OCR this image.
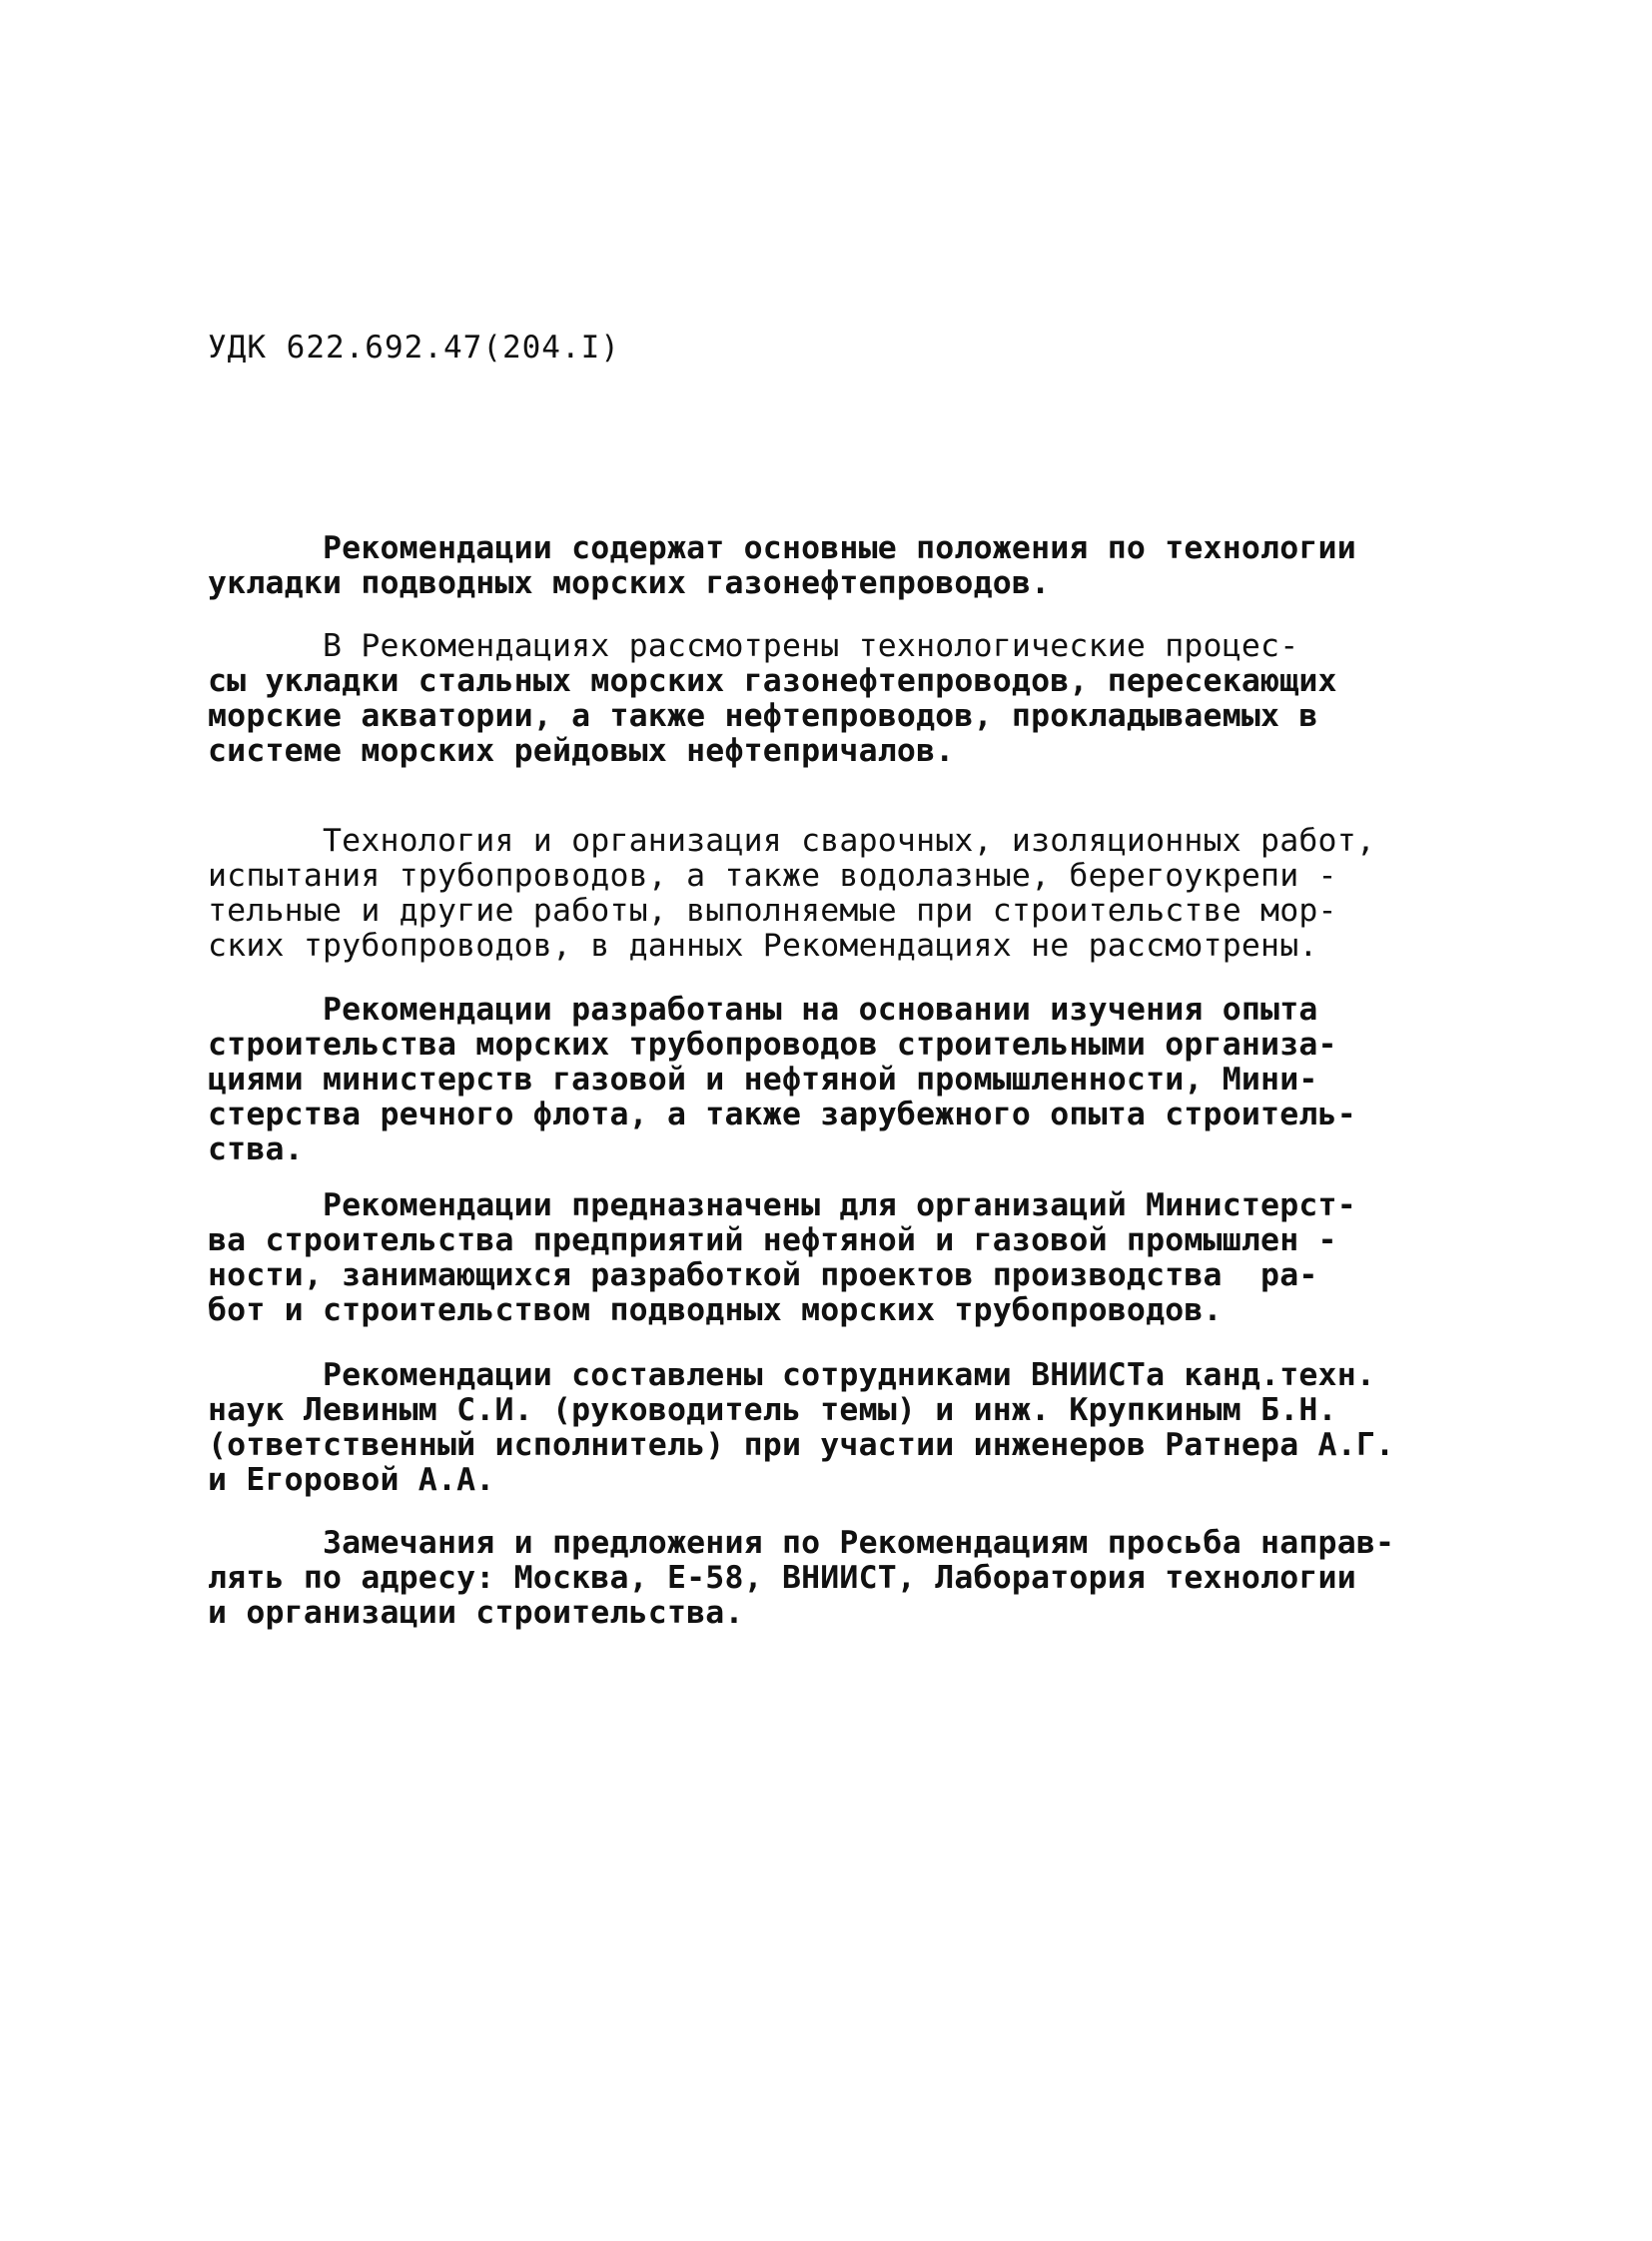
УДК 622.692.47(204.I)
Рекомендации содержат основные положения по технологии
укладки подводных морских газонефтепроводов.
В Рекомендациях рассмотрены технологические процес-
сы укладки стальных морских газонефтепроводов, пересекающих
морские акватории, а также нефтепроводов, прокладываемых в
системе морских рейдовых нефтепричалов.
Технология и организация сварочных, изоляционных работ,
испытания трубопроводов, а также водолазные, берегоукрепи -
тельные и другие работы, выполняемые при строительстве мор-
ских трубопроводов, в данных Рекомендациях не рассмотрены.
Рекомендации разработаны на основании изучения опыта
строительства морских трубопроводов строительными организа-
циями министерств газовой и нефтяной промышленности, Мини-
стерства речного флота, а также зарубежного опыта строитель-
ства.
Рекомендации предназначены для организаций Министерст-
ва строительства предприятий нефтяной и газовой промышлен -
ности, занимающихся разработкой проектов производства  ра-
бот и строительством подводных морских трубопроводов.
Рекомендации составлены сотрудниками ВНИИСТа канд.техн.
наук Левиным С.И. (руководитель темы) и инж. Крупкиным Б.Н.
(ответственный исполнитель) при участии инженеров Ратнера А.Г.
и Егоровой А.А.
Замечания и предложения по Рекомендациям просьба направ-
лять по адресу: Москва, Е-58, ВНИИСТ, Лаборатория технологии
и организации строительства.
